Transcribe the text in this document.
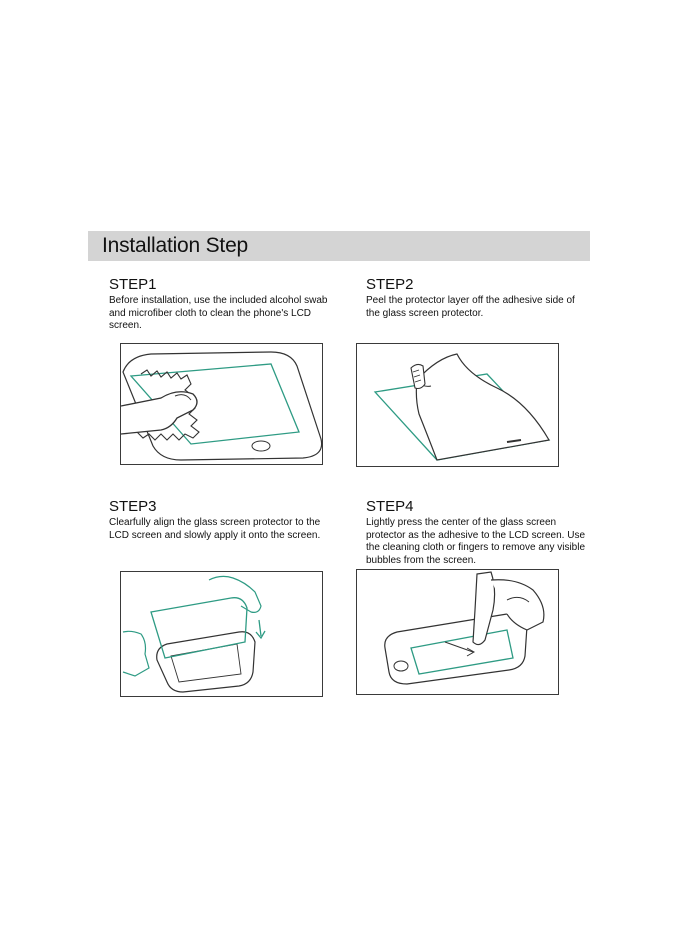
Installation Step
STEP1

Before installation, use the included alcohol swab and microfiber cloth to clean the phone's LCD screen.

STEP2

Peel the protector layer off the adhesive side of the glass screen protector.

STEP3

Clearfully align the glass screen protector to the LCD screen and slowly apply it onto the screen.

STEP4

Lightly press the center of the glass screen protector as the adhesive to the LCD screen. Use the cleaning cloth or fingers to remove any visible bubbles from the screen.
